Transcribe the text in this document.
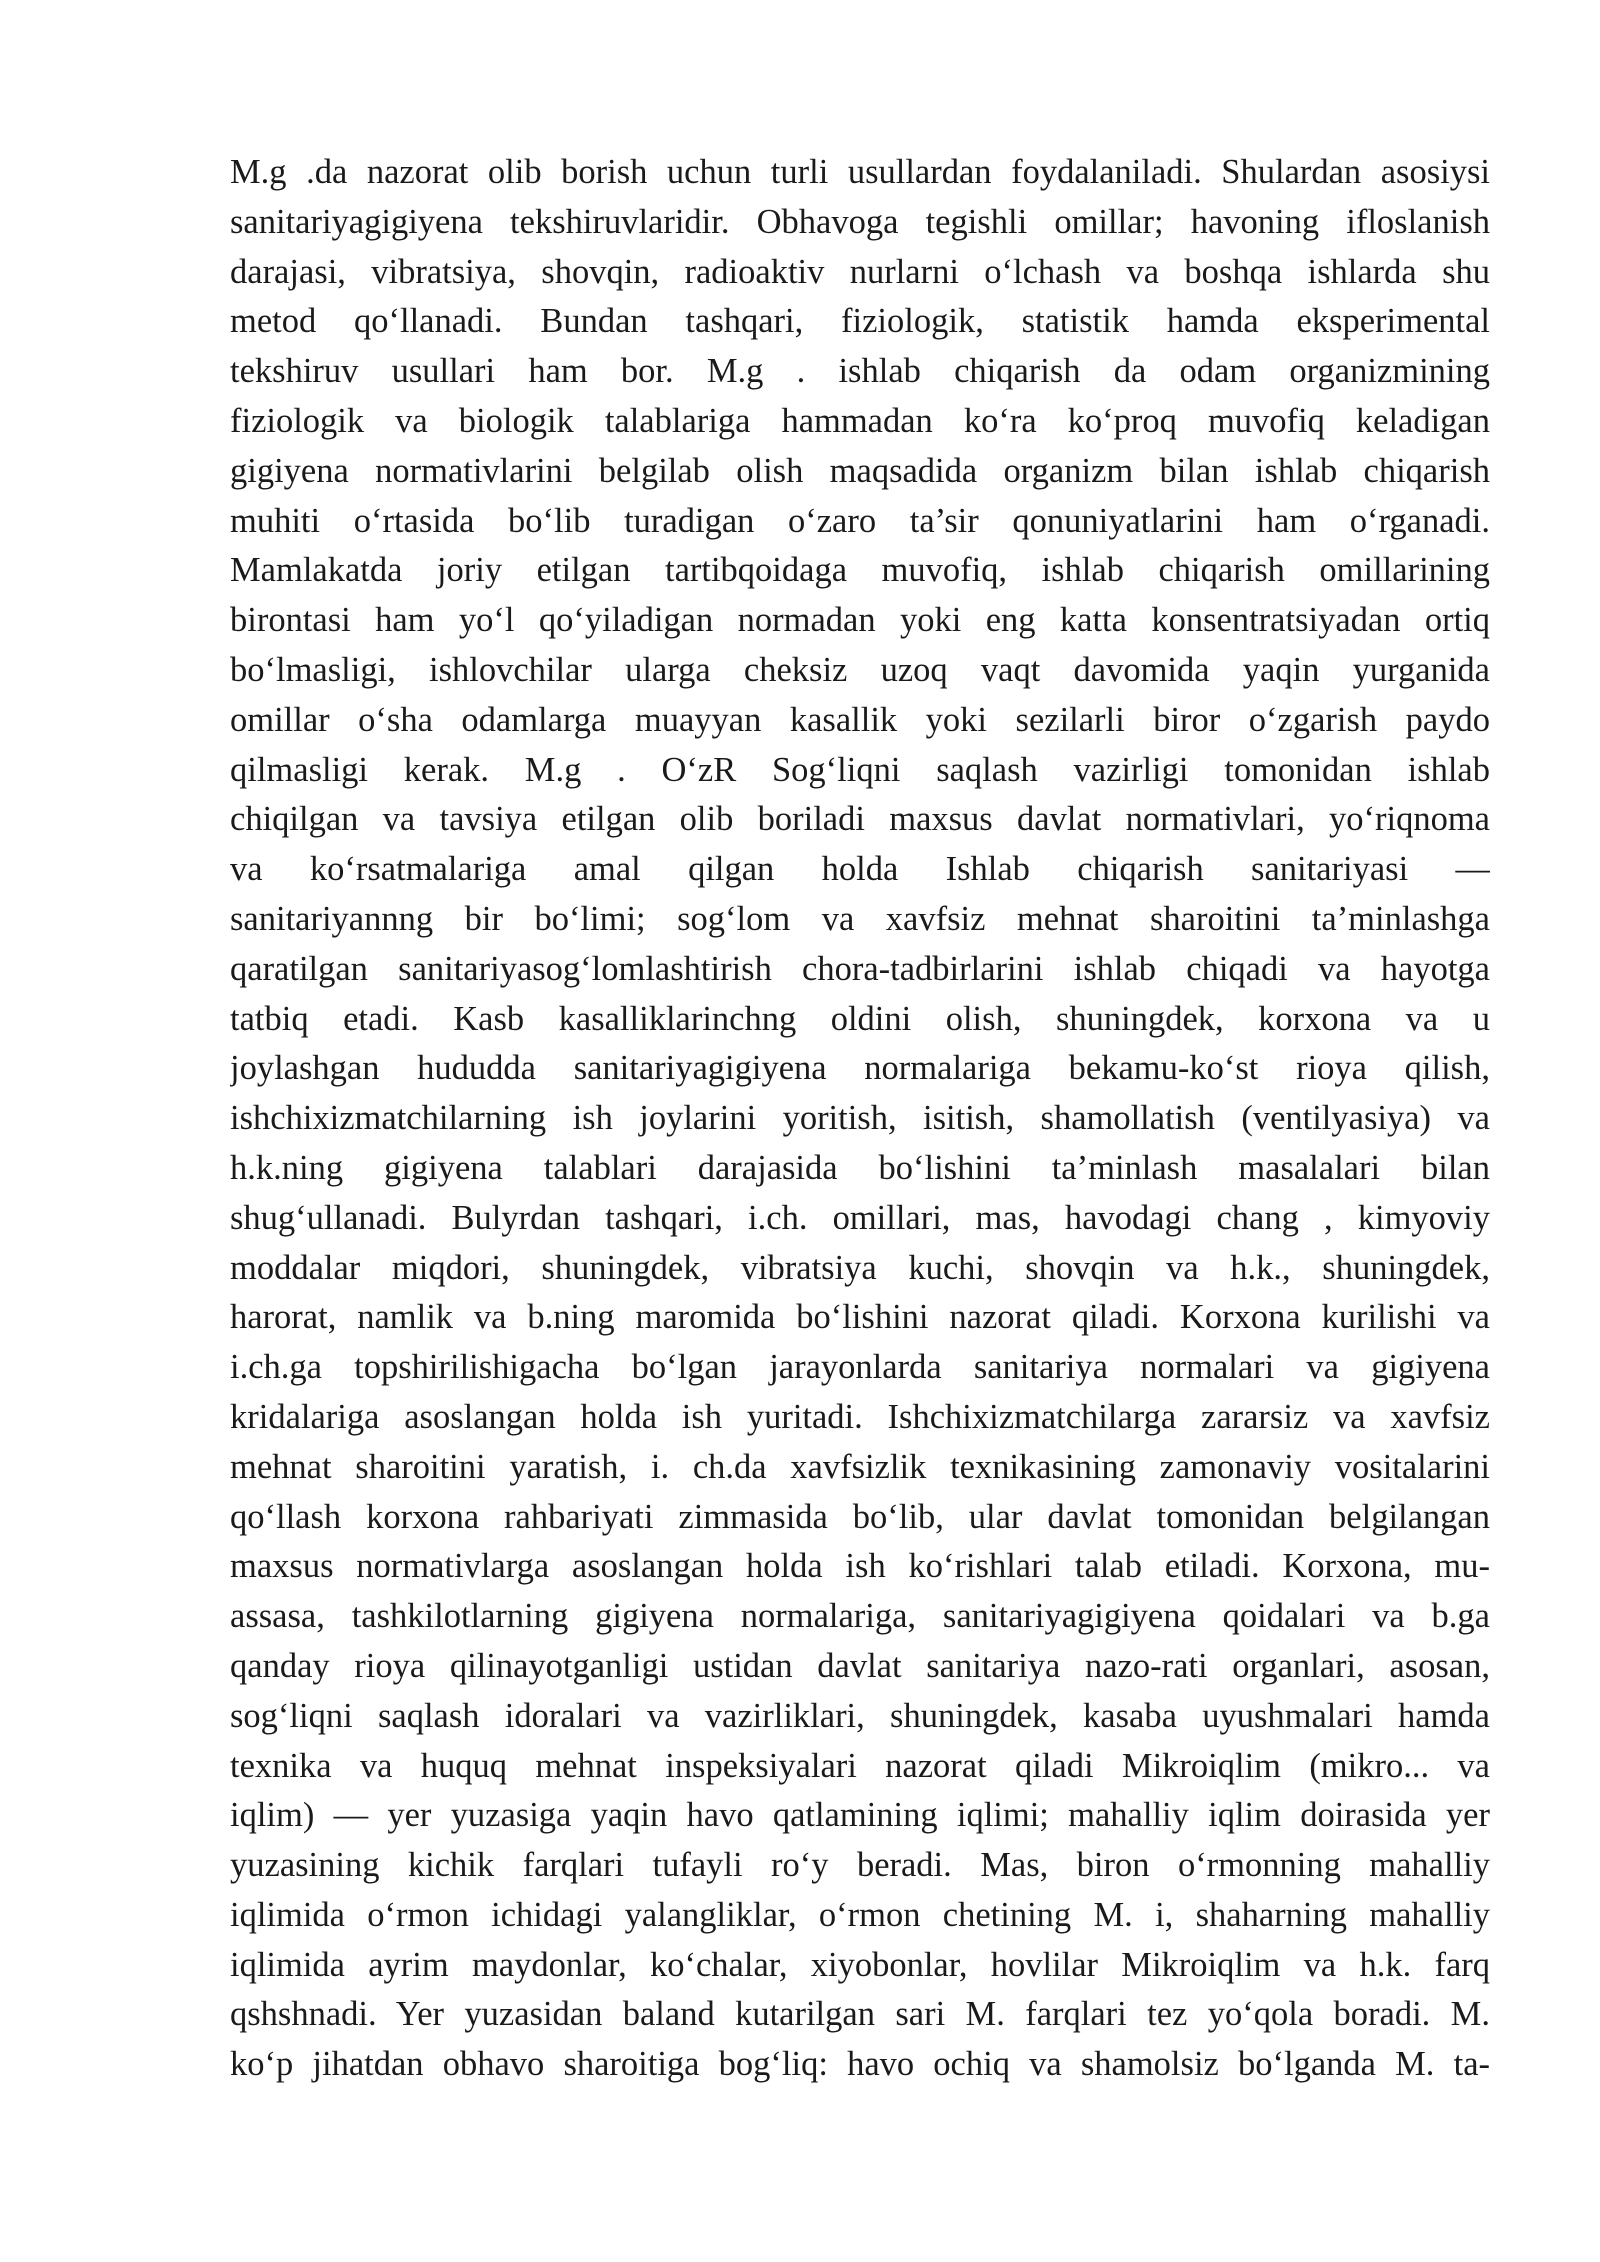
M.g .da nazorat olib borish uchun turli usullardan foydalaniladi. Shulardan asosiysi
sanitariyagigiyena tekshiruvlaridir. Obhavoga tegishli omillar; havoning ifloslanish
darajasi, vibratsiya, shovqin, radioaktiv nurlarni o‘lchash va boshqa ishlarda shu
metod qo‘llanadi. Bundan tashqari, fiziologik, statistik hamda eksperimental
tekshiruv usullari ham bor. M.g . ishlab chiqarish da odam organizmining
fiziologik va biologik talablariga hammadan ko‘ra ko‘proq muvofiq keladigan
gigiyena normativlarini belgilab olish maqsadida organizm bilan ishlab chiqarish
muhiti o‘rtasida bo‘lib turadigan o‘zaro ta’sir qonuniyatlarini ham o‘rganadi.
Mamlakatda joriy etilgan tartibqoidaga muvofiq, ishlab chiqarish omillarining
birontasi ham yo‘l qo‘yiladigan normadan yoki eng katta konsentratsiyadan ortiq
bo‘lmasligi, ishlovchilar ularga cheksiz uzoq vaqt davomida yaqin yurganida
omillar o‘sha odamlarga muayyan kasallik yoki sezilarli biror o‘zgarish paydo
qilmasligi kerak. M.g . O‘zR Sog‘liqni saqlash vazirligi tomonidan ishlab
chiqilgan va tavsiya etilgan olib boriladi maxsus davlat normativlari, yo‘riqnoma
va ko‘rsatmalariga amal qilgan holda Ishlab chiqarish sanitariyasi —
sanitariyannng bir bo‘limi; sog‘lom va xavfsiz mehnat sharoitini ta’minlashga
qaratilgan sanitariyasog‘lomlashtirish chora-tadbirlarini ishlab chiqadi va hayotga
tatbiq etadi. Kasb kasalliklarinchng oldini olish, shuningdek, korxona va u
joylashgan hududda sanitariyagigiyena normalariga bekamu-ko‘st rioya qilish,
ishchixizmatchilarning ish joylarini yoritish, isitish, shamollatish (ventilyasiya) va
h.k.ning gigiyena talablari darajasida bo‘lishini ta’minlash masalalari bilan
shug‘ullanadi. Bulyrdan tashqari, i.ch. omillari, mas, havodagi chang , kimyoviy
moddalar miqdori, shuningdek, vibratsiya kuchi, shovqin va h.k., shuningdek,
harorat, namlik va b.ning maromida bo‘lishini nazorat qiladi. Korxona kurilishi va
i.ch.ga topshirilishigacha bo‘lgan jarayonlarda sanitariya normalari va gigiyena
kridalariga asoslangan holda ish yuritadi. Ishchixizmatchilarga zararsiz va xavfsiz
mehnat sharoitini yaratish, i. ch.da xavfsizlik texnikasining zamonaviy vositalarini
qo‘llash korxona rahbariyati zimmasida bo‘lib, ular davlat tomonidan belgilangan
maxsus normativlarga asoslangan holda ish ko‘rishlari talab etiladi. Korxona, mu-
assasa, tashkilotlarning gigiyena normalariga, sanitariyagigiyena qoidalari va b.ga
qanday rioya qilinayotganligi ustidan davlat sanitariya nazo-rati organlari, asosan,
sog‘liqni saqlash idoralari va vazirliklari, shuningdek, kasaba uyushmalari hamda
texnika va huquq mehnat inspeksiyalari nazorat qiladi Mikroiqlim (mikro... va
iqlim) — yer yuzasiga yaqin havo qatlamining iqlimi; mahalliy iqlim doirasida yer
yuzasining kichik farqlari tufayli ro‘y beradi. Mas, biron o‘rmonning mahalliy
iqlimida o‘rmon ichidagi yalangliklar, o‘rmon chetining M. i, shaharning mahalliy
iqlimida ayrim maydonlar, ko‘chalar, xiyobonlar, hovlilar Mikroiqlim va h.k. farq
qshshnadi. Yer yuzasidan baland kutarilgan sari M. farqlari tez yo‘qola boradi. M.
ko‘p jihatdan obhavo sharoitiga bog‘liq: havo ochiq va shamolsiz bo‘lganda M. ta-
